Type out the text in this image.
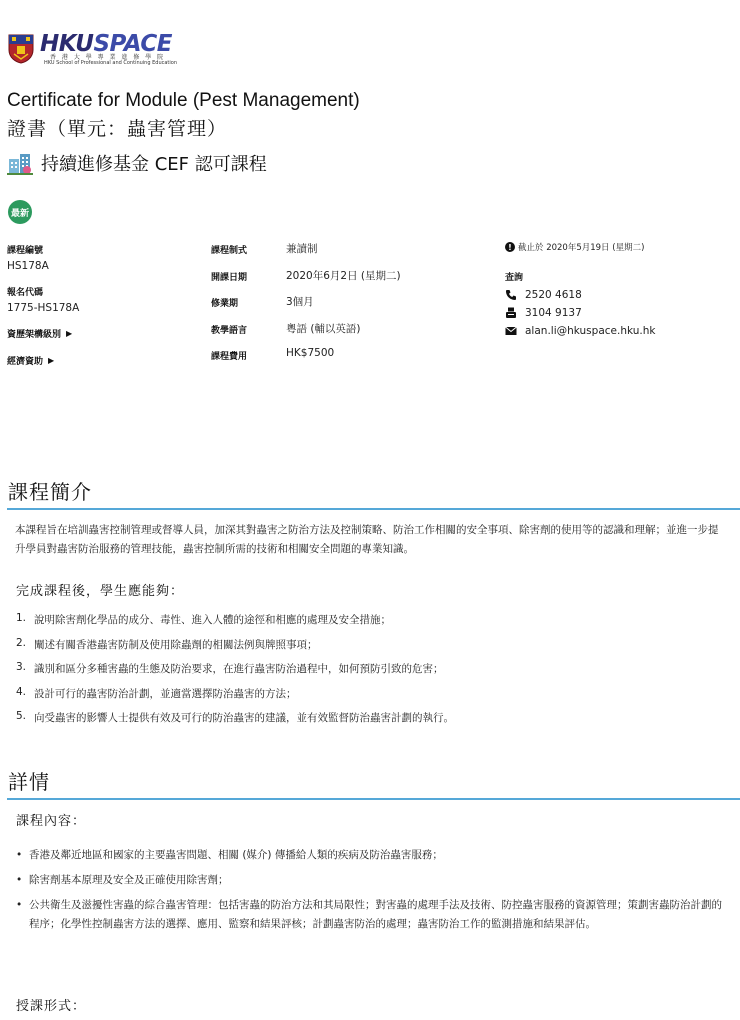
HKUSPACE
香 港 大 學 專 業 進 修 學 院
HKU School of Professional and Continuing Education
Certificate for Module (Pest Management)
證書（單元：蟲害管理）
持續進修基金 CEF 認可課程
最新
課程編號
HS178A
報名代碼
1775-HS178A
資歷架構級別 ▶
經濟資助 ▶
課程制式	兼讀制
開課日期	2020年6月2日 (星期二)
修業期	3個月
教學語言	粵語 (輔以英語)
課程費用	HK$7500
! 截止於 2020年5月19日 (星期二)
查詢
2520 4618
3104 9137
alan.li@hkuspace.hku.hk
課程簡介
本課程旨在培訓蟲害控制管理或督導人員，加深其對蟲害之防治方法及控制策略、防治工作相關的安全事項、除害劑的使用等的認識和理解；並進一步提升學員對蟲害防治服務的管理技能，蟲害控制所需的技術和相關安全問題的專業知識。
完成課程後，學生應能夠：
1. 說明除害劑化學品的成分、毒性、進入人體的途徑和相應的處理及安全措施；
2. 闡述有關香港蟲害防制及使用除蟲劑的相關法例與牌照事項；
3. 識別和區分多種害蟲的生態及防治要求，在進行蟲害防治過程中，如何預防引致的危害；
4. 設計可行的蟲害防治計劃，並適當選擇防治蟲害的方法；
5. 向受蟲害的影響人士提供有效及可行的防治蟲害的建議，並有效監督防治蟲害計劃的執行。
詳情
課程內容：
• 香港及鄰近地區和國家的主要蟲害問題、相關 (媒介) 傳播給人類的疾病及防治蟲害服務；
• 除害劑基本原理及安全及正確使用除害劑；
• 公共衛生及滋擾性害蟲的綜合蟲害管理：包括害蟲的防治方法和其局限性；對害蟲的處理手法及技術、防控蟲害服務的資源管理；策劃害蟲防治計劃的程序；化學性控制蟲害方法的選擇、應用、監察和結果評核；計劃蟲害防治的處理；蟲害防治工作的監測措施和結果評估。
授課形式：
